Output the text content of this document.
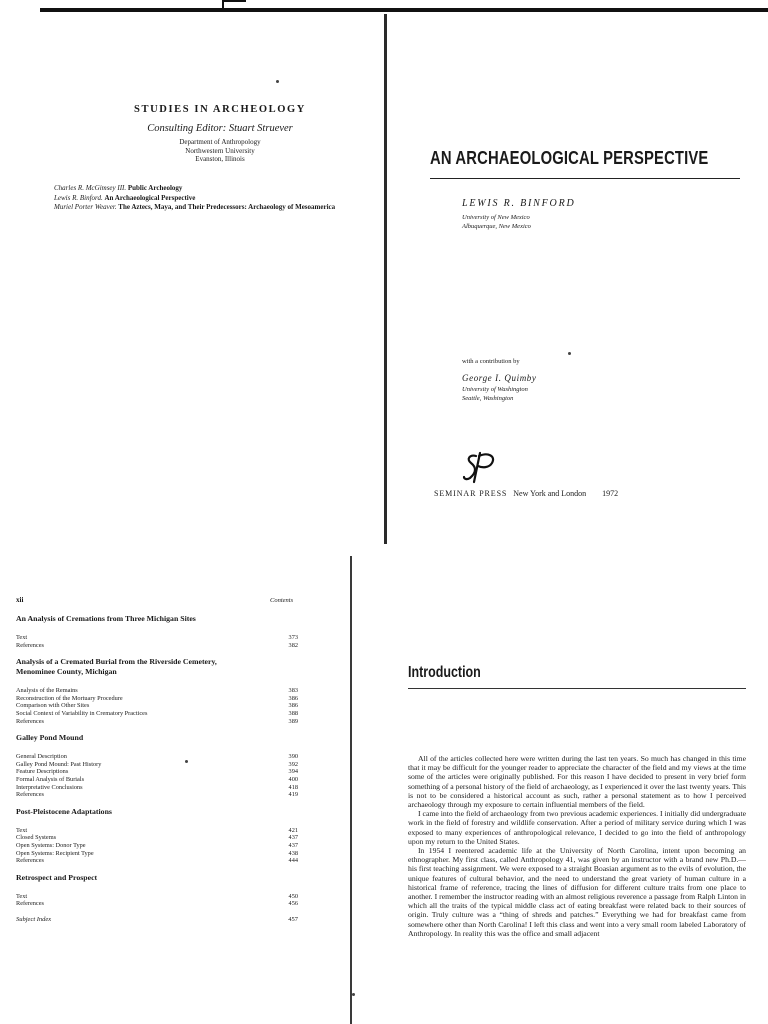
STUDIES IN ARCHEOLOGY
Consulting Editor: Stuart Struever
Department of Anthropology
Northwestern University
Evanston, Illinois
Charles R. McGimsey III. Public Archeology
Lewis R. Binford. An Archaeological Perspective
Muriel Porter Weaver. The Aztecs, Maya, and Their Predecessors: Archaeology of Mesoamerica
AN ARCHAEOLOGICAL PERSPECTIVE
LEWIS R. BINFORD
University of New Mexico
Albuquerque, New Mexico
with a contribution by
George I. Quimby
University of Washington
Seattle, Washington
SEMINAR PRESS New York and London 1972
xii	Contents
An Analysis of Cremations from Three Michigan Sites
Text	373
References	382
Analysis of a Cremated Burial from the Riverside Cemetery, Menominee County, Michigan
Analysis of the Remains	383
Reconstruction of the Mortuary Procedure	386
Comparison with Other Sites	386
Social Context of Variability in Crematory Practices	388
References	389
Galley Pond Mound
General Description	390
Galley Pond Mound: Past History	392
Feature Descriptions	394
Formal Analysis of Burials	400
Interpretative Conclusions	418
References	419
Post-Pleistocene Adaptations
Text	421
Closed Systems	437
Open Systems: Donor Type	437
Open Systems: Recipient Type	438
References	444
Retrospect and Prospect
Text	450
References	456
Subject Index	457
Introduction

All of the articles collected here were written during the last ten years. So much has changed in this time that it may be difficult for the younger reader to appreciate the character of the field and my views at the time some of the articles were originally published. For this reason I have decided to present in very brief form something of a personal history of the field of archaeology, as I experienced it over the last twenty years. This is not to be considered a historical account as such, rather a personal statement as to how I perceived archaeology through my exposure to certain influential members of the field.

I came into the field of archaeology from two previous academic experiences. I initially did undergraduate work in the field of forestry and wildlife conservation. After a period of military service during which I was exposed to many experiences of anthropological relevance, I decided to go into the field of anthropology upon my return to the United States.

In 1954 I reentered academic life at the University of North Carolina, intent upon becoming an ethnographer. My first class, called Anthropology 41, was given by an instructor with a brand new Ph.D.—his first teaching assignment. We were exposed to a straight Boasian argument as to the evils of evolution, the unique features of cultural behavior, and the need to understand the great variety of human culture in a historical frame of reference, tracing the lines of diffusion for different culture traits from one place to another. I remember the instructor reading with an almost religious reverence a passage from Ralph Linton in which all the traits of the typical middle class act of eating breakfast were related back to their sources of origin. Truly culture was a “thing of shreds and patches.” Everything we had for breakfast came from somewhere other than North Carolina! I left this class and went into a very small room labeled Laboratory of Anthropology. In reality this was the office and small adjacent
